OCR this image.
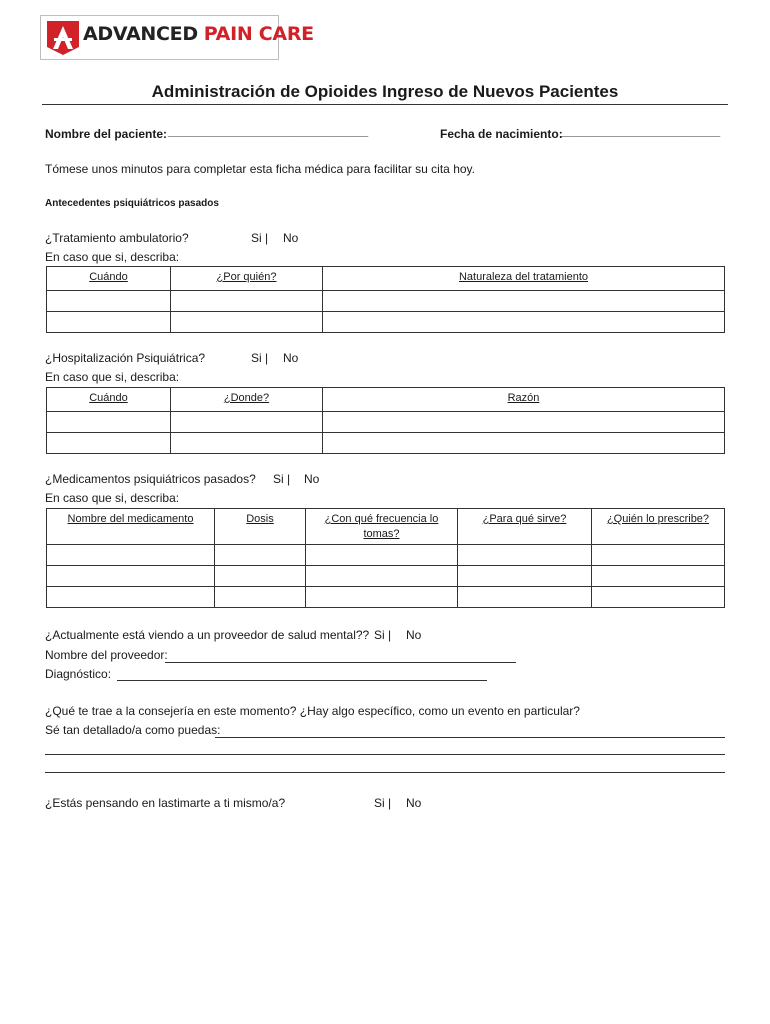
ADVANCED PAIN CARE
Administración de Opioides Ingreso de Nuevos Pacientes
Nombre del paciente: ______________________________	Fecha de nacimiento:
________________________
Tómese unos minutos para completar esta ficha médica para facilitar su cita hoy.
Antecedentes psiquiátricos pasados
¿Tratamiento ambulatorio?	Si | No
En caso que si, describa:
Cuándo	¿Por quién?	Naturaleza del tratamiento

¿Hospitalización Psiquiátrica?	Si | No
En caso que si, describa:
Cuándo	¿Donde?	Razón

¿Medicamentos psiquiátricos pasados? Si | No
En caso que si, describa:
Nombre del medicamento	Dosis	¿Con qué frecuencia lo tomas?	¿Para qué sirve?	¿Quién lo prescribe?

¿Actualmente está viendo a un proveedor de salud mental?? Si | No
Nombre del proveedor:
Diagnóstico:
¿Qué te trae a la consejería en este momento? ¿Hay algo específico, como un evento en particular?
Sé tan detallado/a como puedas:
¿Estás pensando en lastimarte a ti mismo/a?	Si | No
